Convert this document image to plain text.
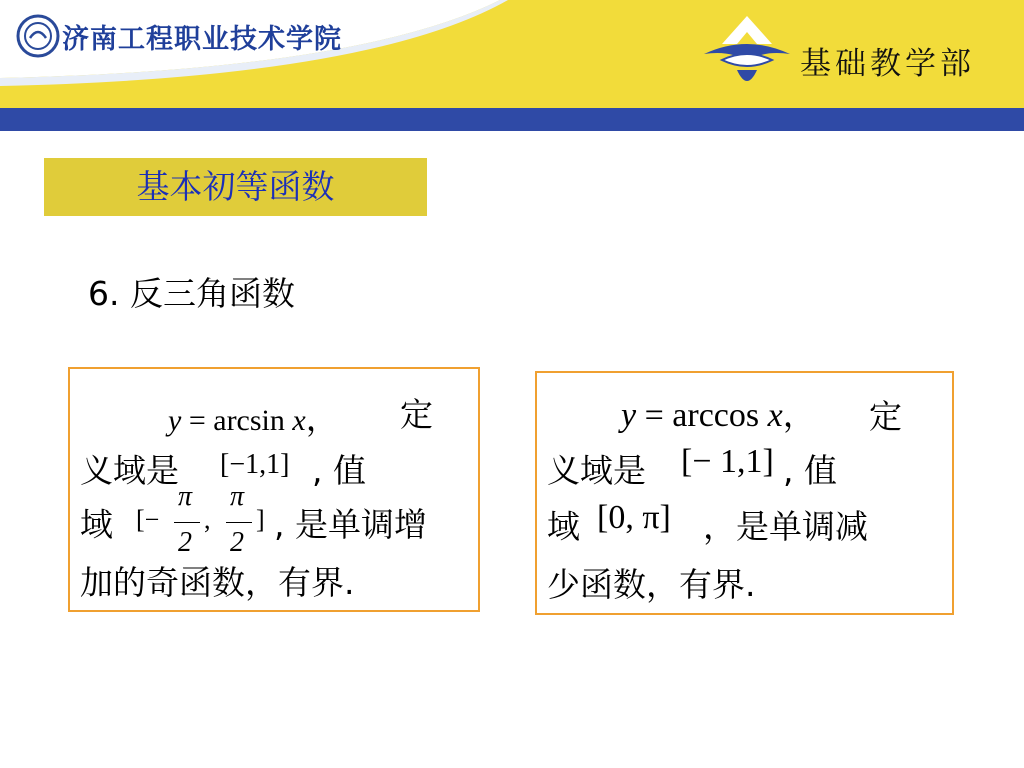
济南工程职业技术学院
基础教学部
基本初等函数
6. 反三角函数
y = arcsin x， 定
义域是 [−1,1] , 值
域 [−
π
2
,
π
2
] , 是单调增
加的奇函数，有界.
y = arccos x， 定
义域是 [− 1,1] , 值
域 [0, π] ，是单调减
少函数，有界.
